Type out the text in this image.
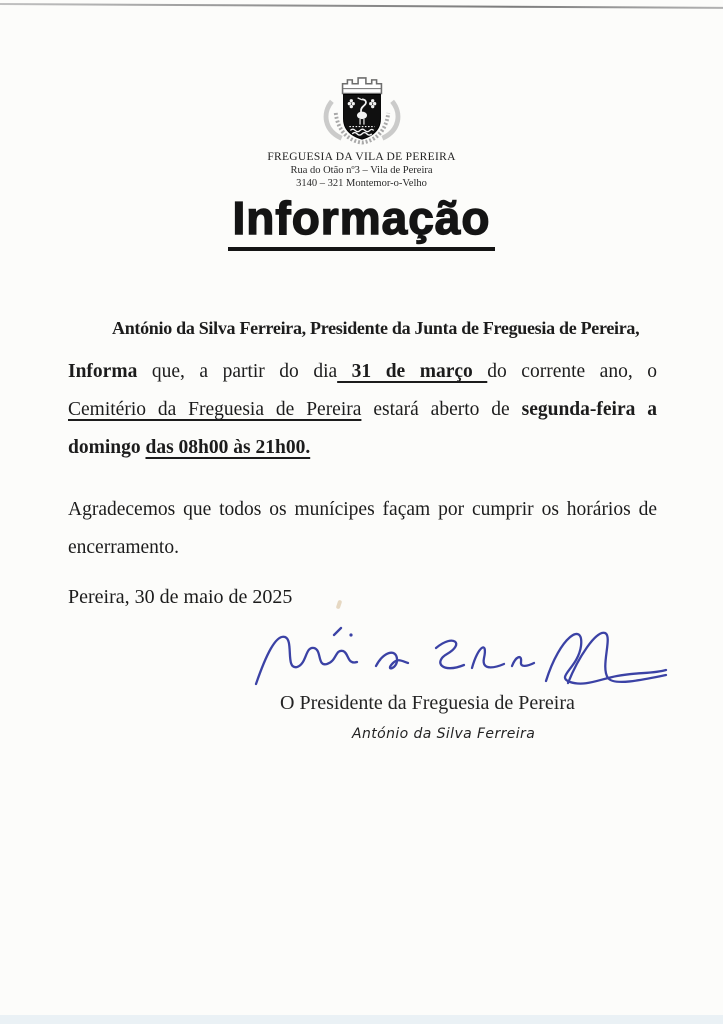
FREGUESIA DA VILA DE PEREIRA
Rua do Otão nº3 – Vila de Pereira
3140 – 321 Montemor-o-Velho
Informação

António da Silva Ferreira, Presidente da Junta de Freguesia de Pereira,

Informa que, a partir do dia 31 de março do corrente ano, o
Cemitério da Freguesia de Pereira estará aberto de segunda-feira a
domingo das 08h00 às 21h00.
Agradecemos que todos os munícipes façam por cumprir os horários de
encerramento.
Pereira, 30 de maio de 2025
O Presidente da Freguesia de Pereira
António da Silva Ferreira
